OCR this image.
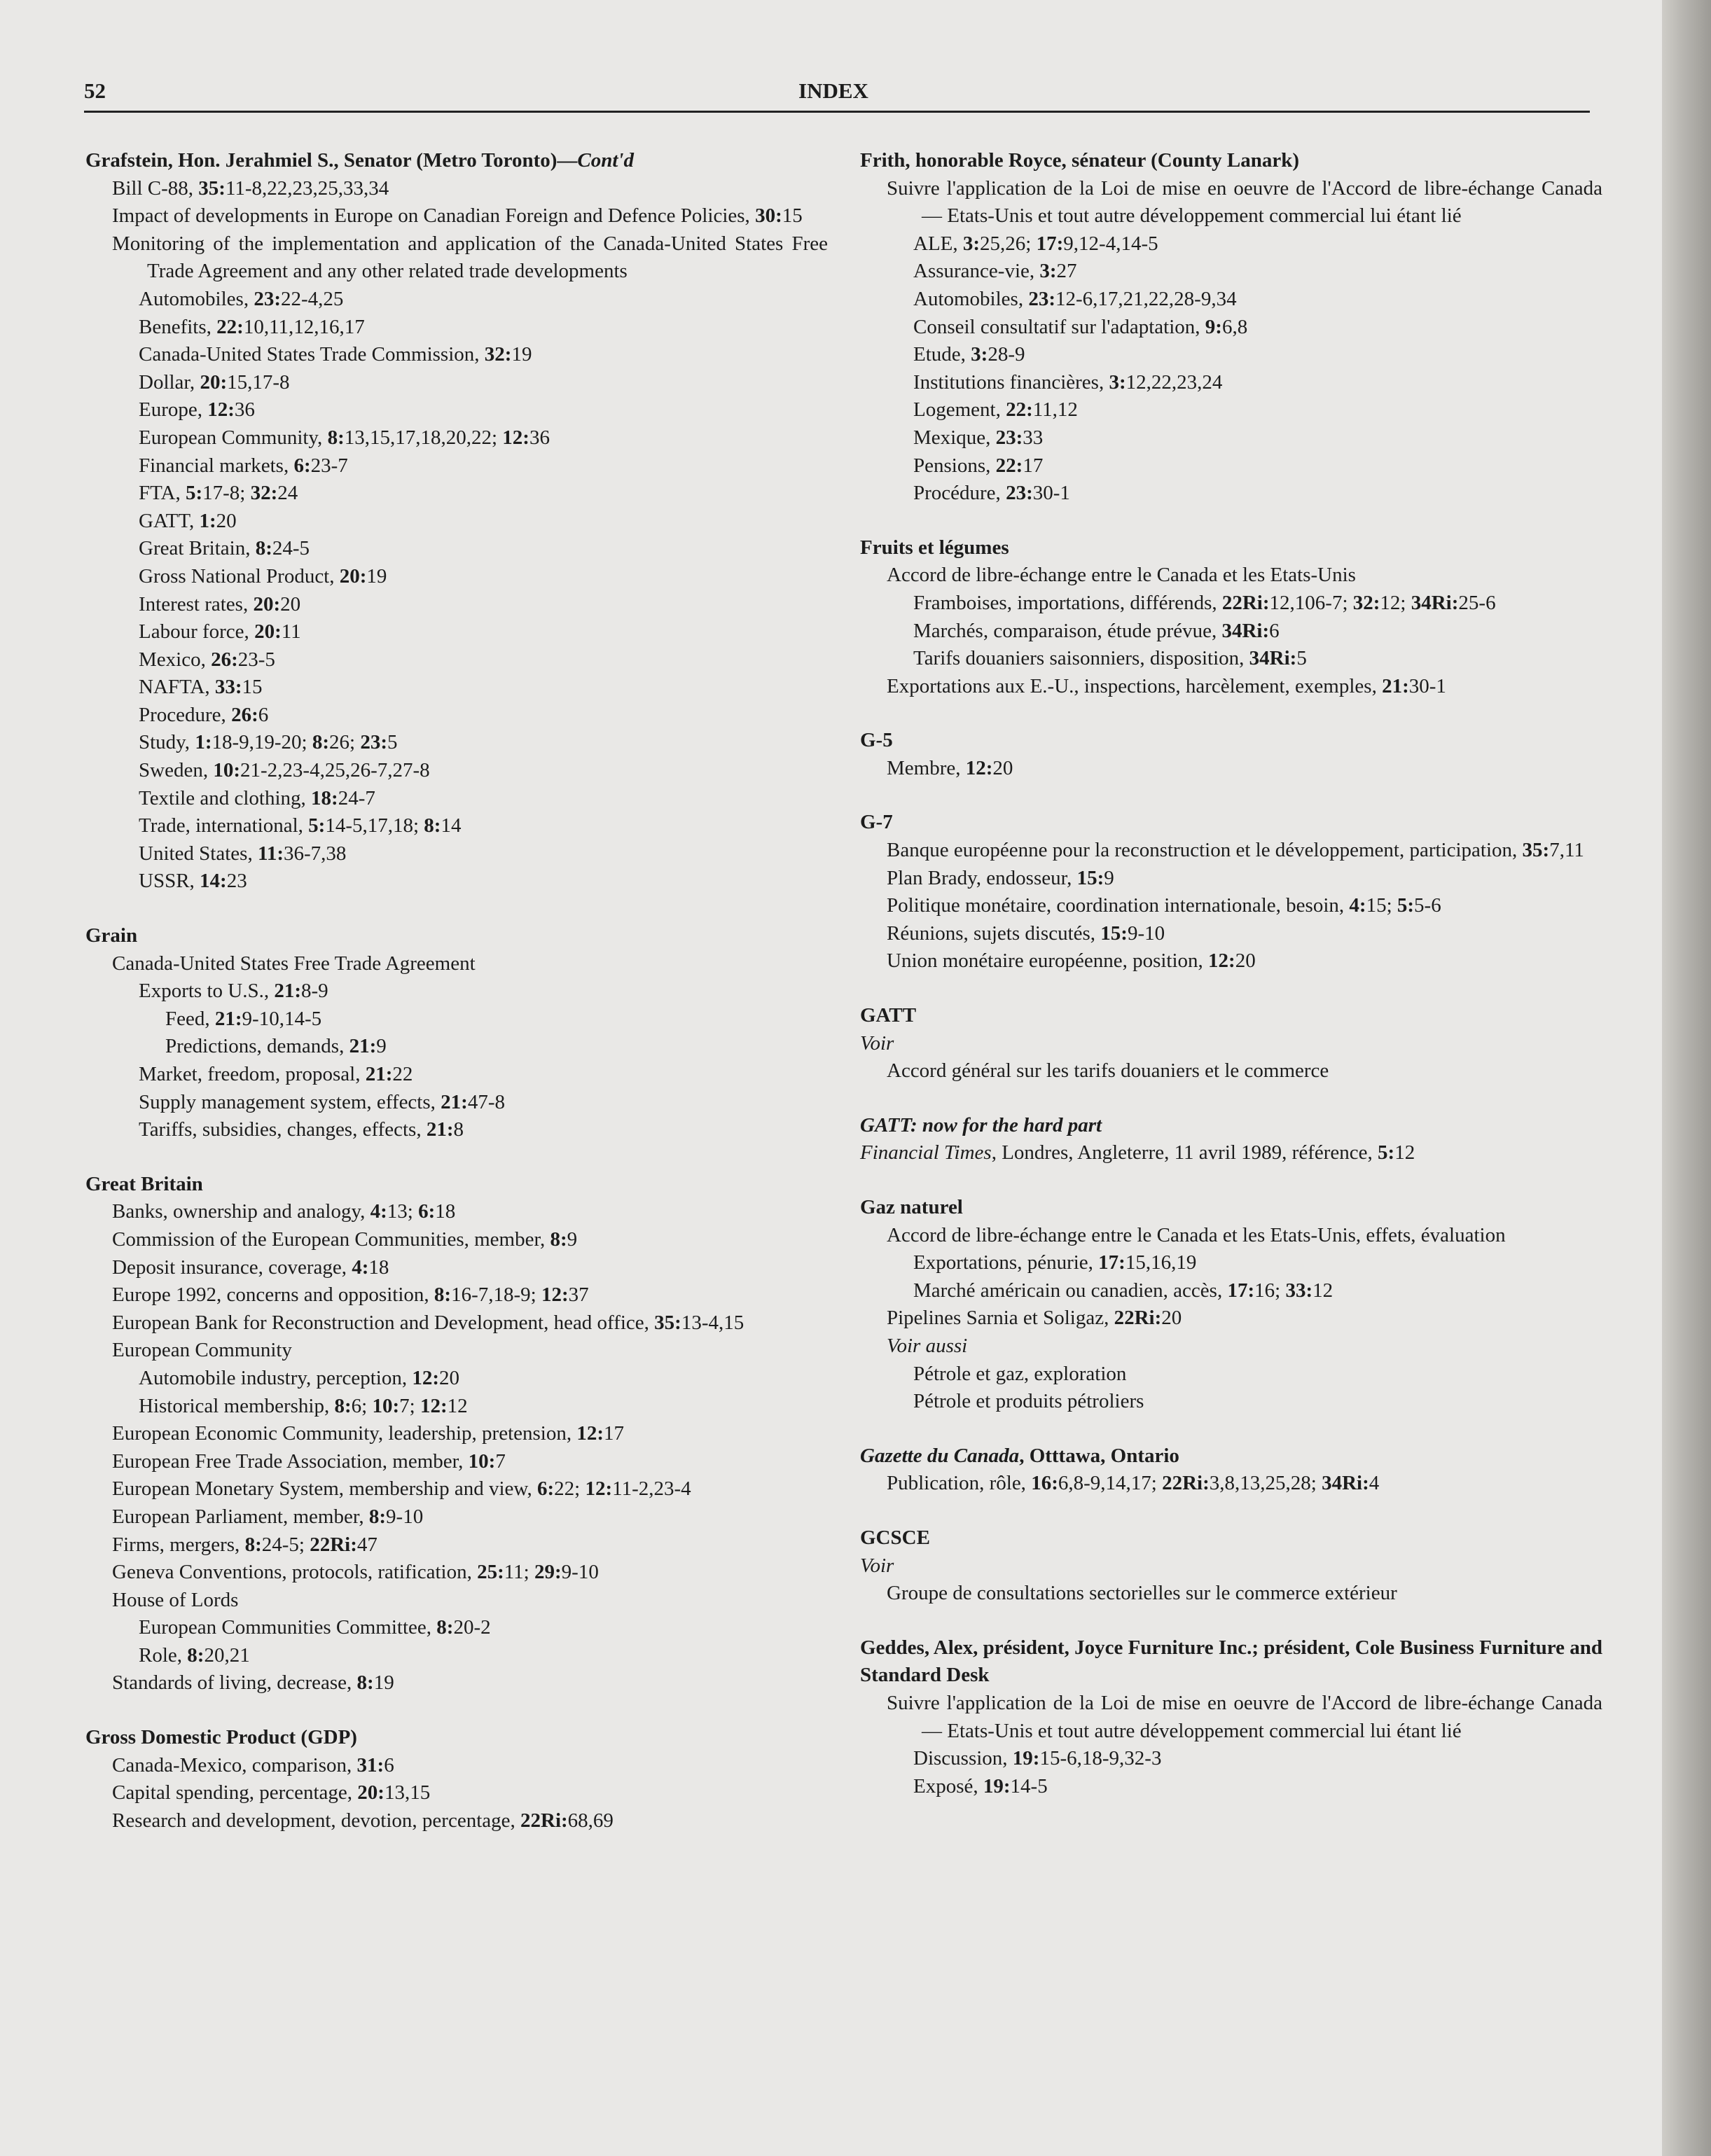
52	INDEX
Grafstein, Hon. Jerahmiel S., Senator (Metro Toronto)—Cont'd
Bill C-88, 35:11-8,22,23,25,33,34
Impact of developments in Europe on Canadian Foreign and Defence Policies, 30:15
Monitoring of the implementation and application of the Canada-United States Free Trade Agreement and any other related trade developments
Automobiles, 23:22-4,25
Benefits, 22:10,11,12,16,17
Canada-United States Trade Commission, 32:19
Dollar, 20:15,17-8
Europe, 12:36
European Community, 8:13,15,17,18,20,22; 12:36
Financial markets, 6:23-7
FTA, 5:17-8; 32:24
GATT, 1:20
Great Britain, 8:24-5
Gross National Product, 20:19
Interest rates, 20:20
Labour force, 20:11
Mexico, 26:23-5
NAFTA, 33:15
Procedure, 26:6
Study, 1:18-9,19-20; 8:26; 23:5
Sweden, 10:21-2,23-4,25,26-7,27-8
Textile and clothing, 18:24-7
Trade, international, 5:14-5,17,18; 8:14
United States, 11:36-7,38
USSR, 14:23
Grain
Canada-United States Free Trade Agreement
Exports to U.S., 21:8-9
Feed, 21:9-10,14-5
Predictions, demands, 21:9
Market, freedom, proposal, 21:22
Supply management system, effects, 21:47-8
Tariffs, subsidies, changes, effects, 21:8
Great Britain
Banks, ownership and analogy, 4:13; 6:18
Commission of the European Communities, member, 8:9
Deposit insurance, coverage, 4:18
Europe 1992, concerns and opposition, 8:16-7,18-9; 12:37
European Bank for Reconstruction and Development, head office, 35:13-4,15
European Community
Automobile industry, perception, 12:20
Historical membership, 8:6; 10:7; 12:12
European Economic Community, leadership, pretension, 12:17
European Free Trade Association, member, 10:7
European Monetary System, membership and view, 6:22; 12:11-2,23-4
European Parliament, member, 8:9-10
Firms, mergers, 8:24-5; 22Ri:47
Geneva Conventions, protocols, ratification, 25:11; 29:9-10
House of Lords
European Communities Committee, 8:20-2
Role, 8:20,21
Standards of living, decrease, 8:19
Gross Domestic Product (GDP)
Canada-Mexico, comparison, 31:6
Capital spending, percentage, 20:13,15
Research and development, devotion, percentage, 22Ri:68,69
Frith, honorable Royce, sénateur (County Lanark)
Suivre l'application de la Loi de mise en oeuvre de l'Accord de libre-échange Canada — Etats-Unis et tout autre développement commercial lui étant lié
ALE, 3:25,26; 17:9,12-4,14-5
Assurance-vie, 3:27
Automobiles, 23:12-6,17,21,22,28-9,34
Conseil consultatif sur l'adaptation, 9:6,8
Etude, 3:28-9
Institutions financières, 3:12,22,23,24
Logement, 22:11,12
Mexique, 23:33
Pensions, 22:17
Procédure, 23:30-1
Fruits et légumes
Accord de libre-échange entre le Canada et les Etats-Unis
Framboises, importations, différends, 22Ri:12,106-7; 32:12; 34Ri:25-6
Marchés, comparaison, étude prévue, 34Ri:6
Tarifs douaniers saisonniers, disposition, 34Ri:5
Exportations aux E.-U., inspections, harcèlement, exemples, 21:30-1
G-5
Membre, 12:20
G-7
Banque européenne pour la reconstruction et le développement, participation, 35:7,11
Plan Brady, endosseur, 15:9
Politique monétaire, coordination internationale, besoin, 4:15; 5:5-6
Réunions, sujets discutés, 15:9-10
Union monétaire européenne, position, 12:20
GATT
Voir
Accord général sur les tarifs douaniers et le commerce
GATT: now for the hard part
Financial Times, Londres, Angleterre, 11 avril 1989, référence, 5:12
Gaz naturel
Accord de libre-échange entre le Canada et les Etats-Unis, effets, évaluation
Exportations, pénurie, 17:15,16,19
Marché américain ou canadien, accès, 17:16; 33:12
Pipelines Sarnia et Soligaz, 22Ri:20
Voir aussi
Pétrole et gaz, exploration
Pétrole et produits pétroliers
Gazette du Canada, Otttawa, Ontario
Publication, rôle, 16:6,8-9,14,17; 22Ri:3,8,13,25,28; 34Ri:4
GCSCE
Voir
Groupe de consultations sectorielles sur le commerce extérieur
Geddes, Alex, président, Joyce Furniture Inc.; président, Cole Business Furniture and Standard Desk
Suivre l'application de la Loi de mise en oeuvre de l'Accord de libre-échange Canada — Etats-Unis et tout autre développement commercial lui étant lié
Discussion, 19:15-6,18-9,32-3
Exposé, 19:14-5
